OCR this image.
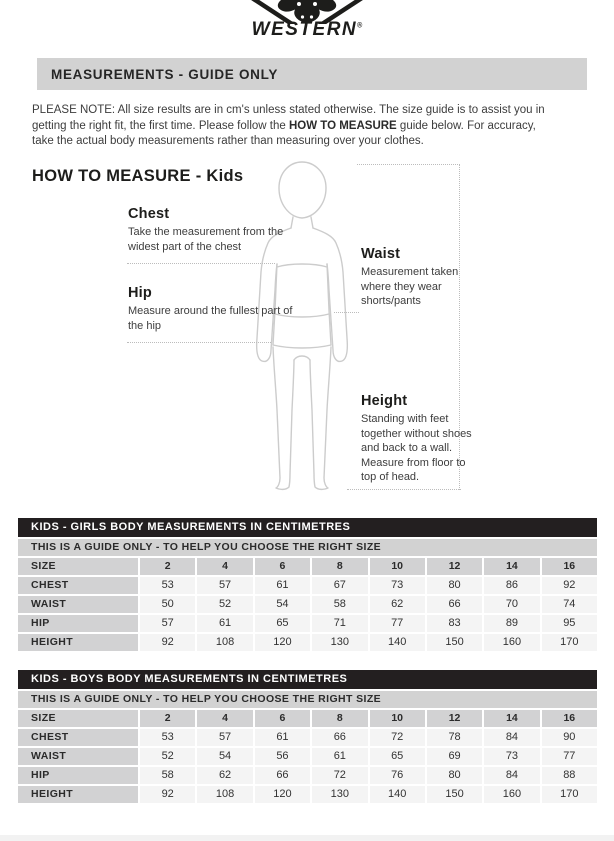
WESTERN®
MEASUREMENTS - GUIDE ONLY

PLEASE NOTE: All size results are in cm's unless stated otherwise. The size guide is to assist you in getting the right fit, the first time. Please follow the HOW TO MEASURE guide below. For accuracy, take the actual body measurements rather than measuring over your clothes.

HOW TO MEASURE - Kids
Chest

Take the measurement from the widest part of the chest

Hip

Measure around the fullest part of the hip

Waist

Measurement taken where they wear shorts/pants

Height

Standing with feet together without shoes and back to a wall. Measure from floor to top of head.

KIDS - GIRLS BODY MEASUREMENTS IN CENTIMETRES
THIS IS A GUIDE ONLY - TO HELP YOU CHOOSE THE RIGHT SIZE
SIZE	2	4	6	8	10	12	14	16
CHEST	53	57	61	67	73	80	86	92
WAIST	50	52	54	58	62	66	70	74
HIP	57	61	65	71	77	83	89	95
HEIGHT	92	108	120	130	140	150	160	170
KIDS - BOYS BODY MEASUREMENTS IN CENTIMETRES
THIS IS A GUIDE ONLY - TO HELP YOU CHOOSE THE RIGHT SIZE
SIZE	2	4	6	8	10	12	14	16
CHEST	53	57	61	66	72	78	84	90
WAIST	52	54	56	61	65	69	73	77
HIP	58	62	66	72	76	80	84	88
HEIGHT	92	108	120	130	140	150	160	170
